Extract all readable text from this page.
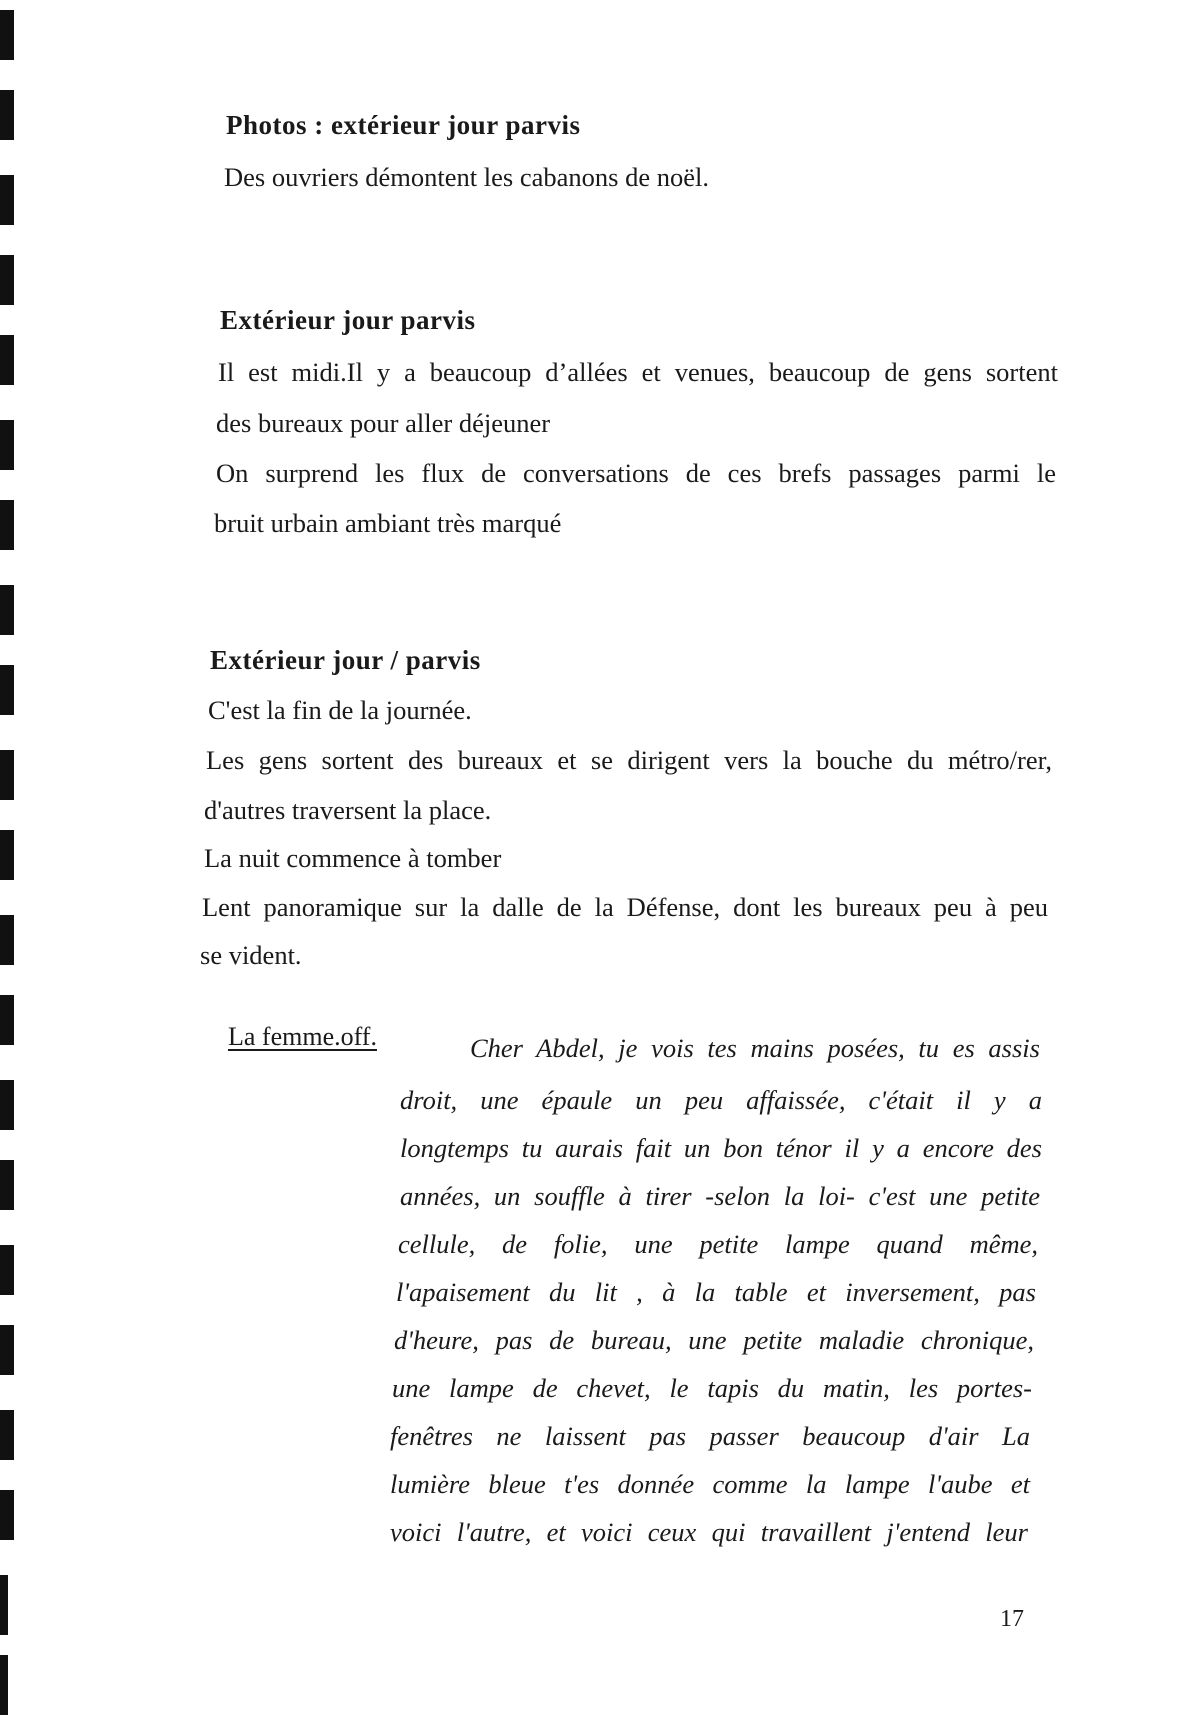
Photos : extérieur jour parvis
Des ouvriers démontent les cabanons de noël.
Extérieur jour parvis
Il est midi.Il y a beaucoup d’allées et venues, beaucoup de gens sortent
des bureaux pour aller déjeuner
On surprend les flux de conversations de ces brefs passages parmi le
bruit urbain ambiant très marqué
Extérieur jour / parvis
C'est la fin de la journée.
Les gens sortent des bureaux et se dirigent vers la bouche du métro/rer,
d'autres traversent la place.
La nuit commence à tomber
Lent panoramique sur la dalle de la Défense, dont les bureaux peu à peu
se vident.
La femme.off.	Cher Abdel, je vois tes mains posées, tu es assis
droit, une épaule un peu affaissée, c'était il y a
longtemps tu aurais fait un bon ténor il y a encore des
années, un souffle à tirer -selon la loi- c'est une petite
cellule, de folie, une petite lampe quand même,
l'apaisement du lit , à la table et inversement, pas
d'heure, pas de bureau, une petite maladie chronique,
une lampe de chevet, le tapis du matin, les portes-
fenêtres ne laissent pas passer beaucoup d'air La
lumière bleue t'es donnée comme la lampe l'aube et
voici l'autre, et voici ceux qui travaillent j'entend leur
17
